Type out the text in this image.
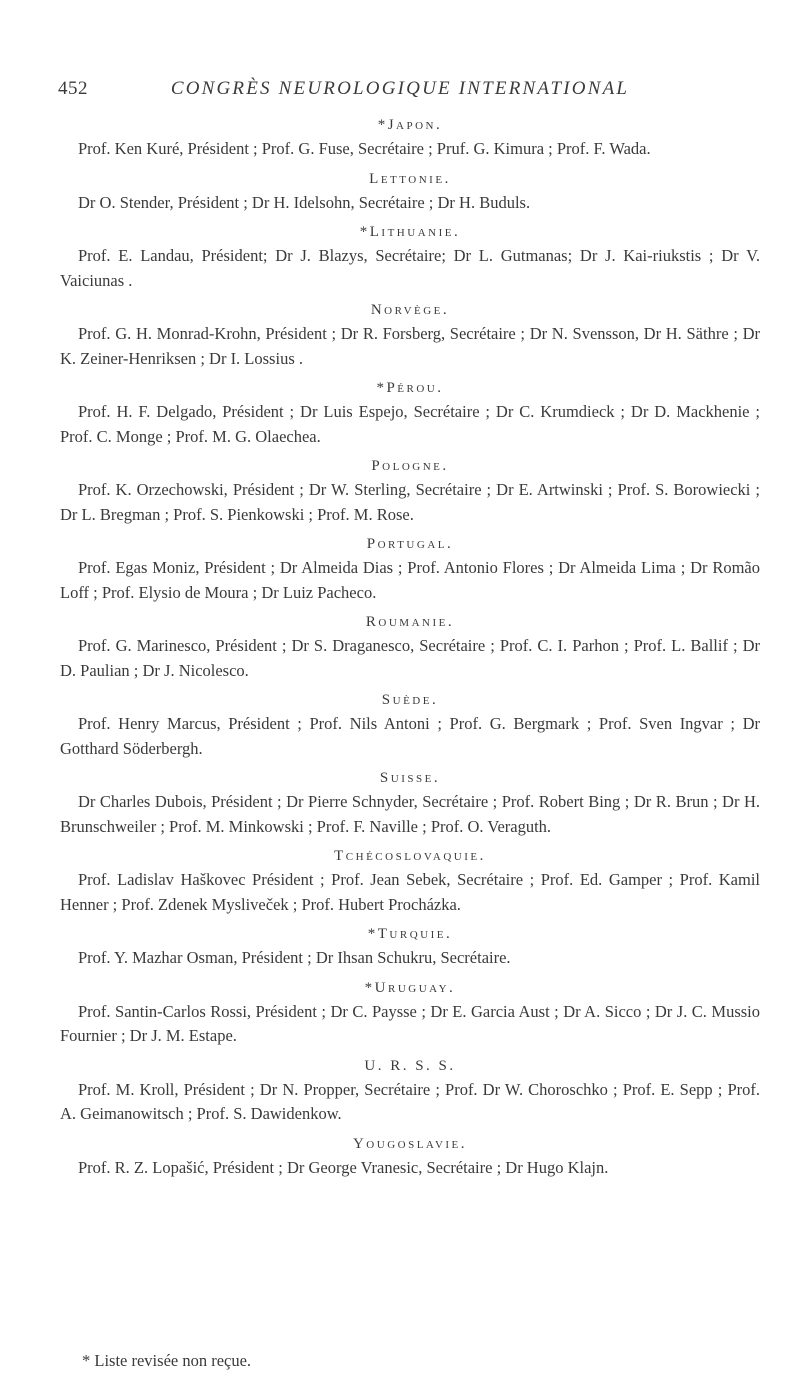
452	CONGRÈS NEUROLOGIQUE INTERNATIONAL
*Japon.

Prof. Ken Kuré, Président ; Prof. G. Fuse, Secrétaire ; Pruf. G. Kimura ; Prof. F. Wada.

Lettonie.

Dr O. Stender, Président ; Dr H. Idelsohn, Secrétaire ; Dr H. Buduls.

*Lithuanie.

Prof. E. Landau, Président; Dr J. Blazys, Secrétaire; Dr L. Gutmanas; Dr J. Kai-riukstis ; Dr V. Vaiciunas .

Norvège.

Prof. G. H. Monrad-Krohn, Président ; Dr R. Forsberg, Secrétaire ; Dr N. Svensson, Dr H. Säthre ; Dr K. Zeiner-Henriksen ; Dr I. Lossius .

*Pérou.

Prof. H. F. Delgado, Président ; Dr Luis Espejo, Secrétaire ; Dr C. Krumdieck ; Dr D. Mackhenie ; Prof. C. Monge ; Prof. M. G. Olaechea.

Pologne.

Prof. K. Orzechowski, Président ; Dr W. Sterling, Secrétaire ; Dr E. Artwinski ; Prof. S. Borowiecki ; Dr L. Bregman ; Prof. S. Pienkowski ; Prof. M. Rose.

Portugal.

Prof. Egas Moniz, Président ; Dr Almeida Dias ; Prof. Antonio Flores ; Dr Almeida Lima ; Dr Romão Loff ; Prof. Elysio de Moura ; Dr Luiz Pacheco.

Roumanie.

Prof. G. Marinesco, Président ; Dr S. Draganesco, Secrétaire ; Prof. C. I. Parhon ; Prof. L. Ballif ; Dr D. Paulian ; Dr J. Nicolesco.

Suède.

Prof. Henry Marcus, Président ; Prof. Nils Antoni ; Prof. G. Bergmark ; Prof. Sven Ingvar ; Dr Gotthard Söderbergh.

Suisse.

Dr Charles Dubois, Président ; Dr Pierre Schnyder, Secrétaire ; Prof. Robert Bing ; Dr R. Brun ; Dr H. Brunschweiler ; Prof. M. Minkowski ; Prof. F. Naville ; Prof. O. Veraguth.

Tchécoslovaquie.

Prof. Ladislav Haškovec Président ; Prof. Jean Sebek, Secrétaire ; Prof. Ed. Gamper ; Prof. Kamil Henner ; Prof. Zdenek Mysliveček ; Prof. Hubert Procházka.

*Turquie.

Prof. Y. Mazhar Osman, Président ; Dr Ihsan Schukru, Secrétaire.

*Uruguay.

Prof. Santin-Carlos Rossi, Président ; Dr C. Paysse ; Dr E. Garcia Aust ; Dr A. Sicco ; Dr J. C. Mussio Fournier ; Dr J. M. Estape.

U. R. S. S.

Prof. M. Kroll, Président ; Dr N. Propper, Secrétaire ; Prof. Dr W. Choroschko ; Prof. E. Sepp ; Prof. A. Geimanowitsch ; Prof. S. Dawidenkow.

Yougoslavie.

Prof. R. Z. Lopašić, Président ; Dr George Vranesic, Secrétaire ; Dr Hugo Klajn.

* Liste revisée non reçue.
